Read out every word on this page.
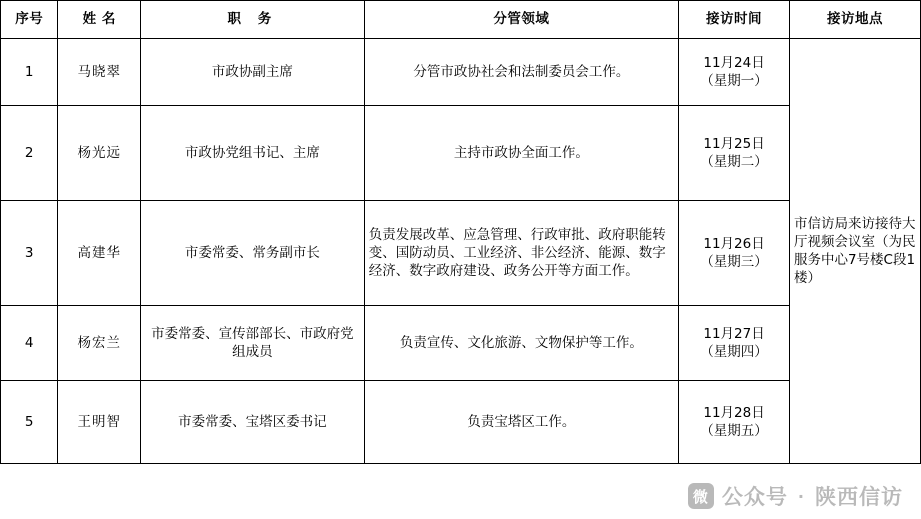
序号	姓 名	职 务	分管领域	接访时间	接访地点
1	马晓翠	市政协副主席	分管市政协社会和法制委员会工作。	11月24日
（星期一）	市信访局来访接待大厅视频会议室（为民服务中心7号楼C段1楼）
2	杨光远	市政协党组书记、主席	主持市政协全面工作。	11月25日
（星期二）	

3	高建华	市委常委、常务副市长	负责发展改革、应急管理、行政审批、政府职能转变、国防动员、工业经济、非公经济、能源、数字经济、数字政府建设、政务公开等方面工作。	11月26日
（星期三）	

4	杨宏兰	市委常委、宣传部部长、市政府党组成员	负责宣传、文化旅游、文物保护等工作。	11月27日
（星期四）	

5	王明智	市委常委、宝塔区委书记	负责宝塔区工作。	11月28日
（星期五）	
微 公众号 · 陕西信访
